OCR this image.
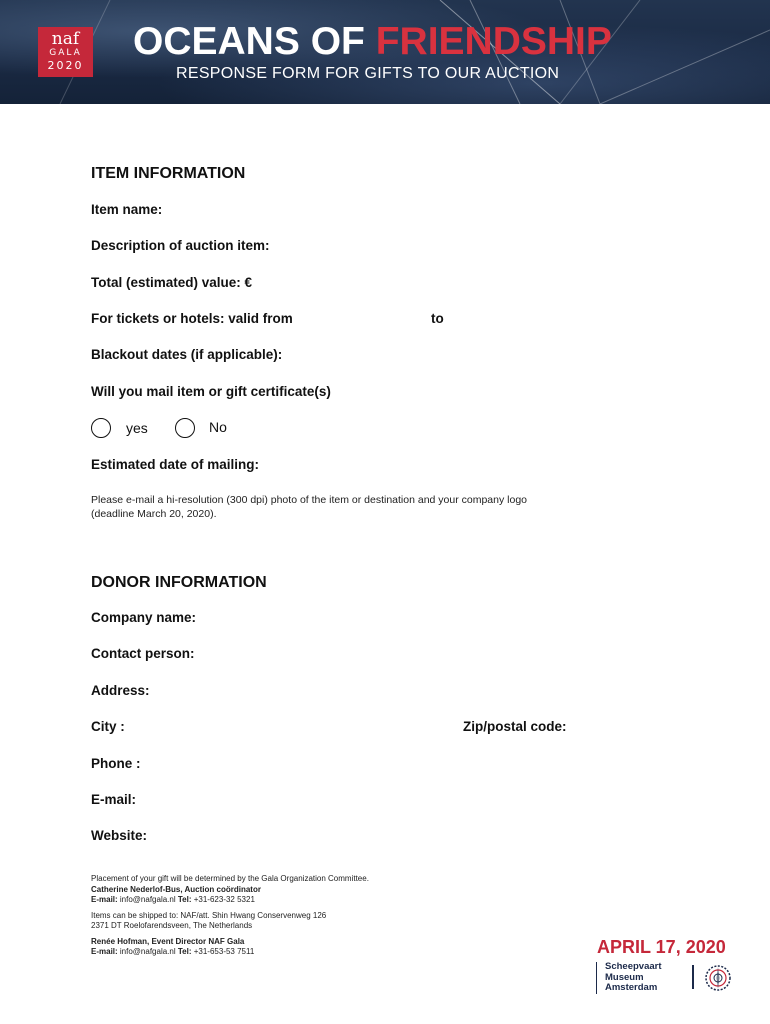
naf
GALA
2020
OCEANS OF FRIENDSHIP
RESPONSE FORM FOR GIFTS TO OUR AUCTION
ITEM INFORMATION
Item name:
Description of auction item:
Total (estimated) value: €
For tickets or hotels: valid from	to
Blackout dates (if applicable):
Will you mail item or gift certificate(s)
yes	No
Estimated date of mailing:
Please e-mail a hi-resolution (300 dpi) photo of the item or destination and your company logo
(deadline March 20, 2020).
DONOR INFORMATION
Company name:
Contact person:
Address:
City :	Zip/postal code:
Phone :
E-mail:
Website:
Placement of your gift will be determined by the Gala Organization Committee.
Catherine Nederlof-Bus, Auction coördinator
E-mail: info@nafgala.nl Tel: +31-623-32 5321
Items can be shipped to: NAF/att. Shin Hwang Conservenweg 126
2371 DT Roelofarendsveen, The Netherlands
Renée Hofman, Event Director NAF Gala
E-mail: info@nafgala.nl Tel: +31-653-53 7511	APRIL 17, 2020
Scheepvaart
Museum
Amsterdam
